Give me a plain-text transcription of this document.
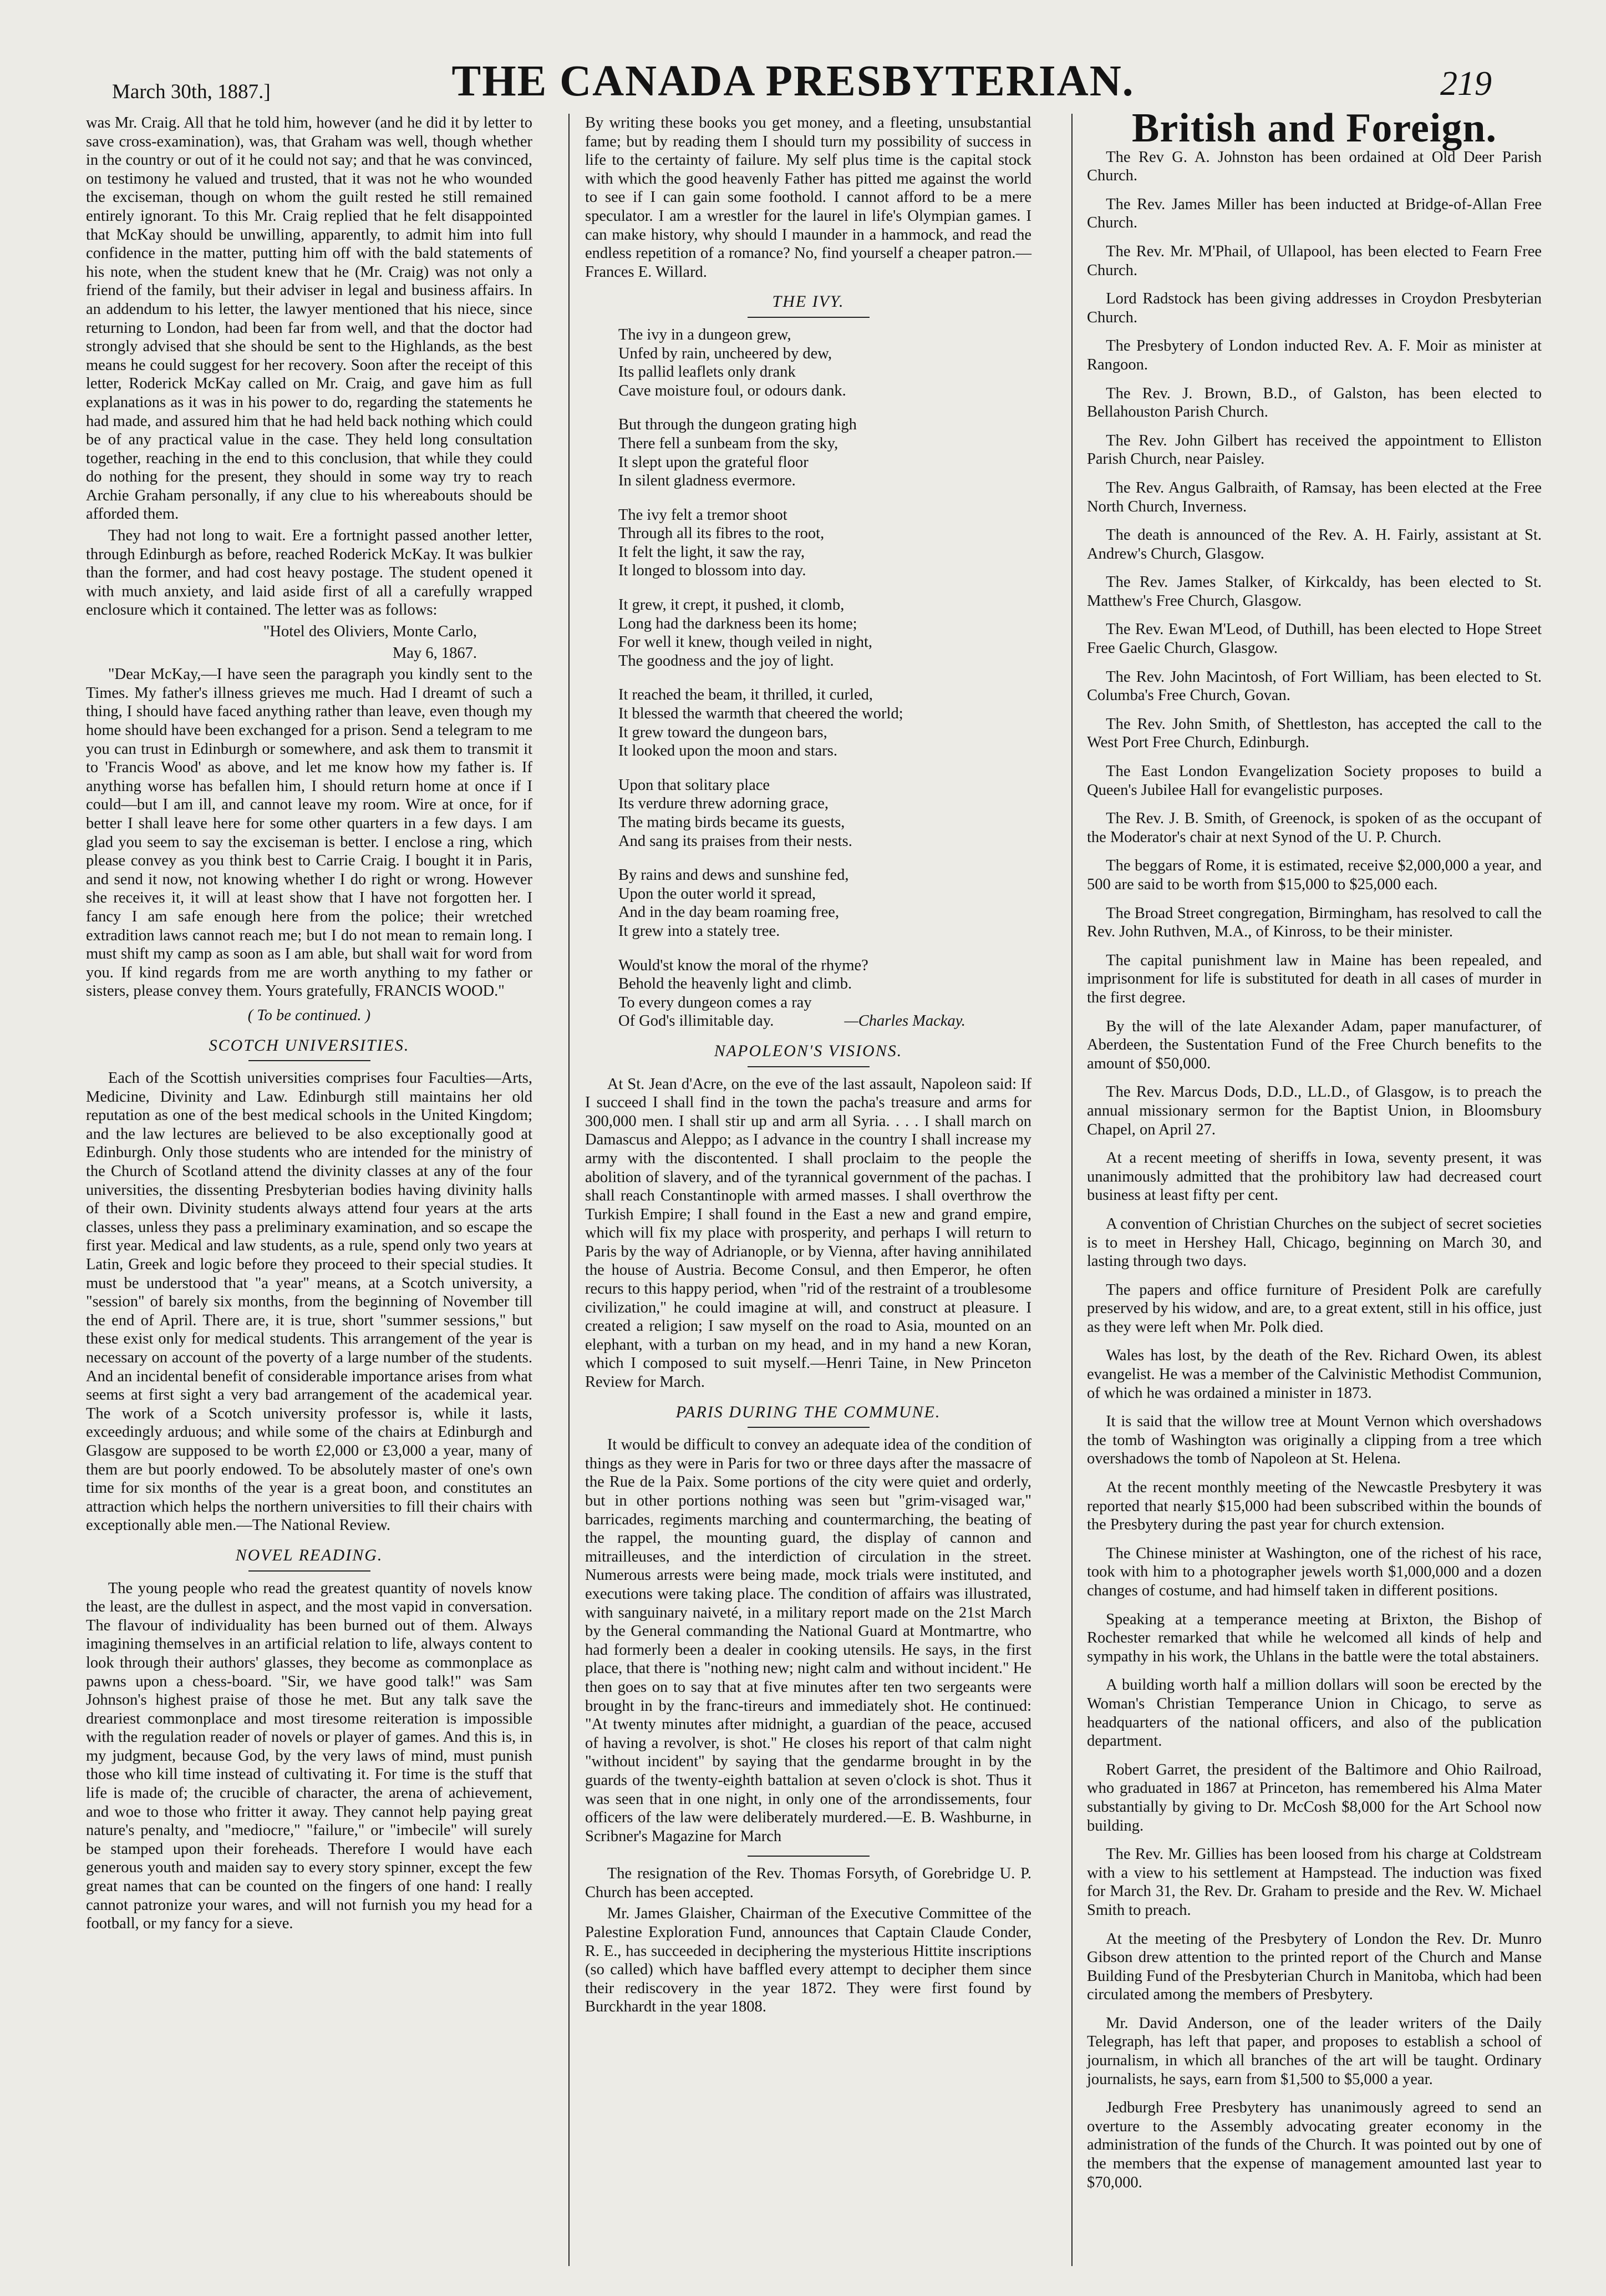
March 30th, 1887.]	THE CANADA PRESBYTERIAN.	219

was Mr. Craig. All that he told him, however (and he did it by letter to save cross-examination), was, that Graham was well, though whether in the country or out of it he could not say; and that he was convinced, on testimony he valued and trusted, that it was not he who wounded the exciseman, though on whom the guilt rested he still remained entirely ignorant. To this Mr. Craig replied that he felt disappointed that McKay should be unwilling, apparently, to admit him into full confidence in the matter, putting him off with the bald statements of his note, when the student knew that he (Mr. Craig) was not only a friend of the family, but their adviser in legal and business affairs. In an addendum to his letter, the lawyer mentioned that his niece, since returning to London, had been far from well, and that the doctor had strongly advised that she should be sent to the Highlands, as the best means he could suggest for her recovery. Soon after the receipt of this letter, Roderick McKay called on Mr. Craig, and gave him as full explanations as it was in his power to do, regarding the statements he had made, and assured him that he had held back nothing which could be of any practical value in the case. They held long consultation together, reaching in the end to this conclusion, that while they could do nothing for the present, they should in some way try to reach Archie Graham personally, if any clue to his whereabouts should be afforded them.

They had not long to wait. Ere a fortnight passed another letter, through Edinburgh as before, reached Roderick McKay. It was bulkier than the former, and had cost heavy postage. The student opened it with much anxiety, and laid aside first of all a carefully wrapped enclosure which it contained. The letter was as follows:

"Hotel des Oliviers, Monte Carlo,

May 6, 1867.

"Dear McKay,—I have seen the paragraph you kindly sent to the Times. My father's illness grieves me much. Had I dreamt of such a thing, I should have faced anything rather than leave, even though my home should have been exchanged for a prison. Send a telegram to me you can trust in Edinburgh or somewhere, and ask them to transmit it to 'Francis Wood' as above, and let me know how my father is. If anything worse has befallen him, I should return home at once if I could—but I am ill, and cannot leave my room. Wire at once, for if better I shall leave here for some other quarters in a few days. I am glad you seem to say the exciseman is better. I enclose a ring, which please convey as you think best to Carrie Craig. I bought it in Paris, and send it now, not knowing whether I do right or wrong. However she receives it, it will at least show that I have not forgotten her. I fancy I am safe enough here from the police; their wretched extradition laws cannot reach me; but I do not mean to remain long. I must shift my camp as soon as I am able, but shall wait for word from you. If kind regards from me are worth anything to my father or sisters, please convey them. Yours gratefully, FRANCIS WOOD."

( To be continued. )
SCOTCH UNIVERSITIES.

Each of the Scottish universities comprises four Faculties—Arts, Medicine, Divinity and Law. Edinburgh still maintains her old reputation as one of the best medical schools in the United Kingdom; and the law lectures are believed to be also exceptionally good at Edinburgh. Only those students who are intended for the ministry of the Church of Scotland attend the divinity classes at any of the four universities, the dissenting Presbyterian bodies having divinity halls of their own. Divinity students always attend four years at the arts classes, unless they pass a preliminary examination, and so escape the first year. Medical and law students, as a rule, spend only two years at Latin, Greek and logic before they proceed to their special studies. It must be understood that "a year" means, at a Scotch university, a "session" of barely six months, from the beginning of November till the end of April. There are, it is true, short "summer sessions," but these exist only for medical students. This arrangement of the year is necessary on account of the poverty of a large number of the students. And an incidental benefit of considerable importance arises from what seems at first sight a very bad arrangement of the academical year. The work of a Scotch university professor is, while it lasts, exceedingly arduous; and while some of the chairs at Edinburgh and Glasgow are supposed to be worth £2,000 or £3,000 a year, many of them are but poorly endowed. To be absolutely master of one's own time for six months of the year is a great boon, and constitutes an attraction which helps the northern universities to fill their chairs with exceptionally able men.—The National Review.

NOVEL READING.

The young people who read the greatest quantity of novels know the least, are the dullest in aspect, and the most vapid in conversation. The flavour of individuality has been burned out of them. Always imagining themselves in an artificial relation to life, always content to look through their authors' glasses, they become as commonplace as pawns upon a chess-board. "Sir, we have good talk!" was Sam Johnson's highest praise of those he met. But any talk save the dreariest commonplace and most tiresome reiteration is impossible with the regulation reader of novels or player of games. And this is, in my judgment, because God, by the very laws of mind, must punish those who kill time instead of cultivating it. For time is the stuff that life is made of; the crucible of character, the arena of achievement, and woe to those who fritter it away. They cannot help paying great nature's penalty, and "mediocre," "failure," or "imbecile" will surely be stamped upon their foreheads. Therefore I would have each generous youth and maiden say to every story spinner, except the few great names that can be counted on the fingers of one hand: I really cannot patronize your wares, and will not furnish you my head for a football, or my fancy for a sieve.

By writing these books you get money, and a fleeting, unsubstantial fame; but by reading them I should turn my possibility of success in life to the certainty of failure. My self plus time is the capital stock with which the good heavenly Father has pitted me against the world to see if I can gain some foothold. I cannot afford to be a mere speculator. I am a wrestler for the laurel in life's Olympian games. I can make history, why should I maunder in a hammock, and read the endless repetition of a romance? No, find yourself a cheaper patron.—Frances E. Willard.

THE IVY.
The ivy in a dungeon grew,
Unfed by rain, uncheered by dew,
Its pallid leaflets only drank
Cave moisture foul, or odours dank.
But through the dungeon grating high
There fell a sunbeam from the sky,
It slept upon the grateful floor
In silent gladness evermore.
The ivy felt a tremor shoot
Through all its fibres to the root,
It felt the light, it saw the ray,
It longed to blossom into day.
It grew, it crept, it pushed, it clomb,
Long had the darkness been its home;
For well it knew, though veiled in night,
The goodness and the joy of light.
It reached the beam, it thrilled, it curled,
It blessed the warmth that cheered the world;
It grew toward the dungeon bars,
It looked upon the moon and stars.
Upon that solitary place
Its verdure threw adorning grace,
The mating birds became its guests,
And sang its praises from their nests.
By rains and dews and sunshine fed,
Upon the outer world it spread,
And in the day beam roaming free,
It grew into a stately tree.
Would'st know the moral of the rhyme?
Behold the heavenly light and climb.
To every dungeon comes a ray
Of God's illimitable day.	—Charles Mackay.
NAPOLEON'S VISIONS.

At St. Jean d'Acre, on the eve of the last assault, Napoleon said: If I succeed I shall find in the town the pacha's treasure and arms for 300,000 men. I shall stir up and arm all Syria. . . . I shall march on Damascus and Aleppo; as I advance in the country I shall increase my army with the discontented. I shall proclaim to the people the abolition of slavery, and of the tyrannical government of the pachas. I shall reach Constantinople with armed masses. I shall overthrow the Turkish Empire; I shall found in the East a new and grand empire, which will fix my place with prosperity, and perhaps I will return to Paris by the way of Adrianople, or by Vienna, after having annihilated the house of Austria. Become Consul, and then Emperor, he often recurs to this happy period, when "rid of the restraint of a troublesome civilization," he could imagine at will, and construct at pleasure. I created a religion; I saw myself on the road to Asia, mounted on an elephant, with a turban on my head, and in my hand a new Koran, which I composed to suit myself.—Henri Taine, in New Princeton Review for March.

PARIS DURING THE COMMUNE.

It would be difficult to convey an adequate idea of the condition of things as they were in Paris for two or three days after the massacre of the Rue de la Paix. Some portions of the city were quiet and orderly, but in other portions nothing was seen but "grim-visaged war," barricades, regiments marching and countermarching, the beating of the rappel, the mounting guard, the display of cannon and mitrailleuses, and the interdiction of circulation in the street. Numerous arrests were being made, mock trials were instituted, and executions were taking place. The condition of affairs was illustrated, with sanguinary naiveté, in a military report made on the 21st March by the General commanding the National Guard at Montmartre, who had formerly been a dealer in cooking utensils. He says, in the first place, that there is "nothing new; night calm and without incident." He then goes on to say that at five minutes after ten two sergeants were brought in by the franc-tireurs and immediately shot. He continued: "At twenty minutes after midnight, a guardian of the peace, accused of having a revolver, is shot." He closes his report of that calm night "without incident" by saying that the gendarme brought in by the guards of the twenty-eighth battalion at seven o'clock is shot. Thus it was seen that in one night, in only one of the arrondissements, four officers of the law were deliberately murdered.—E. B. Washburne, in Scribner's Magazine for March

The resignation of the Rev. Thomas Forsyth, of Gorebridge U. P. Church has been accepted.

Mr. James Glaisher, Chairman of the Executive Committee of the Palestine Exploration Fund, announces that Captain Claude Conder, R. E., has succeeded in deciphering the mysterious Hittite inscriptions (so called) which have baffled every attempt to decipher them since their rediscovery in the year 1872. They were first found by Burckhardt in the year 1808.

British and Foreign.

The Rev G. A. Johnston has been ordained at Old Deer Parish Church.

The Rev. James Miller has been inducted at Bridge-of-Allan Free Church.

The Rev. Mr. M'Phail, of Ullapool, has been elected to Fearn Free Church.

Lord Radstock has been giving addresses in Croydon Presbyterian Church.

The Presbytery of London inducted Rev. A. F. Moir as minister at Rangoon.

The Rev. J. Brown, B.D., of Galston, has been elected to Bellahouston Parish Church.

The Rev. John Gilbert has received the appointment to Elliston Parish Church, near Paisley.

The Rev. Angus Galbraith, of Ramsay, has been elected at the Free North Church, Inverness.

The death is announced of the Rev. A. H. Fairly, assistant at St. Andrew's Church, Glasgow.

The Rev. James Stalker, of Kirkcaldy, has been elected to St. Matthew's Free Church, Glasgow.

The Rev. Ewan M'Leod, of Duthill, has been elected to Hope Street Free Gaelic Church, Glasgow.

The Rev. John Macintosh, of Fort William, has been elected to St. Columba's Free Church, Govan.

The Rev. John Smith, of Shettleston, has accepted the call to the West Port Free Church, Edinburgh.

The East London Evangelization Society proposes to build a Queen's Jubilee Hall for evangelistic purposes.

The Rev. J. B. Smith, of Greenock, is spoken of as the occupant of the Moderator's chair at next Synod of the U. P. Church.

The beggars of Rome, it is estimated, receive $2,000,000 a year, and 500 are said to be worth from $15,000 to $25,000 each.

The Broad Street congregation, Birmingham, has resolved to call the Rev. John Ruthven, M.A., of Kinross, to be their minister.

The capital punishment law in Maine has been repealed, and imprisonment for life is substituted for death in all cases of murder in the first degree.

By the will of the late Alexander Adam, paper manufacturer, of Aberdeen, the Sustentation Fund of the Free Church benefits to the amount of $50,000.

The Rev. Marcus Dods, D.D., LL.D., of Glasgow, is to preach the annual missionary sermon for the Baptist Union, in Bloomsbury Chapel, on April 27.

At a recent meeting of sheriffs in Iowa, seventy present, it was unanimously admitted that the prohibitory law had decreased court business at least fifty per cent.

A convention of Christian Churches on the subject of secret societies is to meet in Hershey Hall, Chicago, beginning on March 30, and lasting through two days.

The papers and office furniture of President Polk are carefully preserved by his widow, and are, to a great extent, still in his office, just as they were left when Mr. Polk died.

Wales has lost, by the death of the Rev. Richard Owen, its ablest evangelist. He was a member of the Calvinistic Methodist Communion, of which he was ordained a minister in 1873.

It is said that the willow tree at Mount Vernon which overshadows the tomb of Washington was originally a clipping from a tree which overshadows the tomb of Napoleon at St. Helena.

At the recent monthly meeting of the Newcastle Presbytery it was reported that nearly $15,000 had been subscribed within the bounds of the Presbytery during the past year for church extension.

The Chinese minister at Washington, one of the richest of his race, took with him to a photographer jewels worth $1,000,000 and a dozen changes of costume, and had himself taken in different positions.

Speaking at a temperance meeting at Brixton, the Bishop of Rochester remarked that while he welcomed all kinds of help and sympathy in his work, the Uhlans in the battle were the total abstainers.

A building worth half a million dollars will soon be erected by the Woman's Christian Temperance Union in Chicago, to serve as headquarters of the national officers, and also of the publication department.

Robert Garret, the president of the Baltimore and Ohio Railroad, who graduated in 1867 at Princeton, has remembered his Alma Mater substantially by giving to Dr. McCosh $8,000 for the Art School now building.

The Rev. Mr. Gillies has been loosed from his charge at Coldstream with a view to his settlement at Hampstead. The induction was fixed for March 31, the Rev. Dr. Graham to preside and the Rev. W. Michael Smith to preach.

At the meeting of the Presbytery of London the Rev. Dr. Munro Gibson drew attention to the printed report of the Church and Manse Building Fund of the Presbyterian Church in Manitoba, which had been circulated among the members of Presbytery.

Mr. David Anderson, one of the leader writers of the Daily Telegraph, has left that paper, and proposes to establish a school of journalism, in which all branches of the art will be taught. Ordinary journalists, he says, earn from $1,500 to $5,000 a year.

Jedburgh Free Presbytery has unanimously agreed to send an overture to the Assembly advocating greater economy in the administration of the funds of the Church. It was pointed out by one of the members that the expense of management amounted last year to $70,000.
